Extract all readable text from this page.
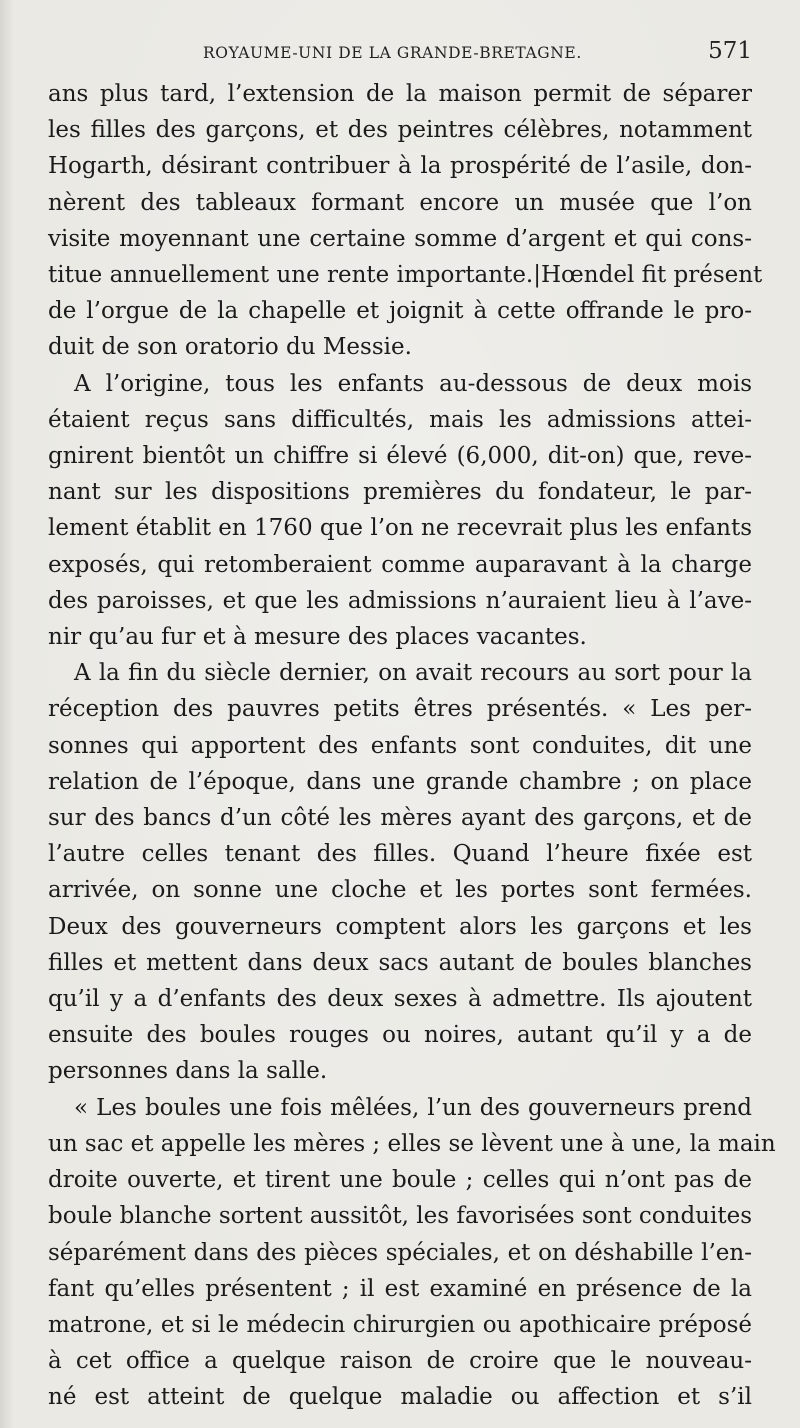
ROYAUME-UNI DE LA GRANDE-BRETAGNE.	571

ans plus tard, l’extension de la maison permit de séparer
les filles des garçons, et des peintres célèbres, notamment
Hogarth, désirant contribuer à la prospérité de l’asile, don-
nèrent des tableaux formant encore un musée que l’on
visite moyennant une certaine somme d’argent et qui cons-
titue annuellement une rente importante.|Hœndel fit présent
de l’orgue de la chapelle et joignit à cette offrande le pro-
duit de son oratorio du Messie.

A l’origine, tous les enfants au-dessous de deux mois
étaient reçus sans difficultés, mais les admissions attei-
gnirent bientôt un chiffre si élevé (6,000, dit-on) que, reve-
nant sur les dispositions premières du fondateur, le par-
lement établit en 1760 que l’on ne recevrait plus les enfants
exposés, qui retomberaient comme auparavant à la charge
des paroisses, et que les admissions n’auraient lieu à l’ave-
nir qu’au fur et à mesure des places vacantes.

A la fin du siècle dernier, on avait recours au sort pour la
réception des pauvres petits êtres présentés. « Les per-
sonnes qui apportent des enfants sont conduites, dit une
relation de l’époque, dans une grande chambre ; on place
sur des bancs d’un côté les mères ayant des garçons, et de
l’autre celles tenant des filles. Quand l’heure fixée est
arrivée, on sonne une cloche et les portes sont fermées.
Deux des gouverneurs comptent alors les garçons et les
filles et mettent dans deux sacs autant de boules blanches
qu’il y a d’enfants des deux sexes à admettre. Ils ajoutent
ensuite des boules rouges ou noires, autant qu’il y a de
personnes dans la salle.

« Les boules une fois mêlées, l’un des gouverneurs prend
un sac et appelle les mères ; elles se lèvent une à une, la main
droite ouverte, et tirent une boule ; celles qui n’ont pas de
boule blanche sortent aussitôt, les favorisées sont conduites
séparément dans des pièces spéciales, et on déshabille l’en-
fant qu’elles présentent ; il est examiné en présence de la
matrone, et si le médecin chirurgien ou apothicaire préposé
à cet office a quelque raison de croire que le nouveau-
né est atteint de quelque maladie ou affection et s’il
